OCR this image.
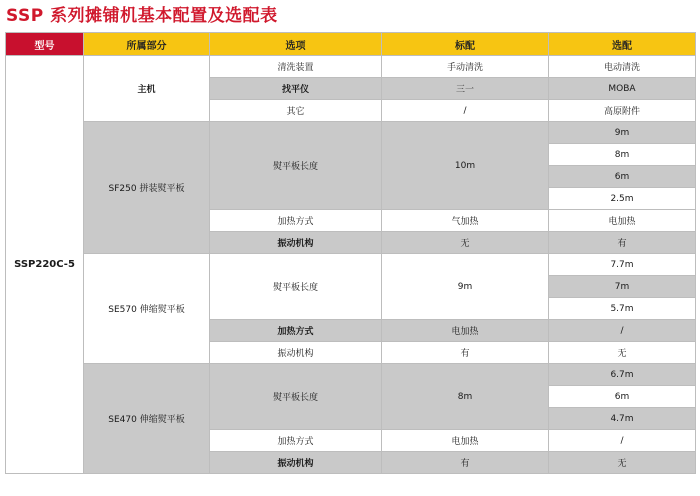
SSP 系列摊铺机基本配置及选配表
型号	所属部分	选项	标配	选配
SSP220C-5	主机	清洗装置	手动清洗	电动清洗
		找平仪	三一	MOBA
		其它	/	高原附件
	SF250 拼装熨平板	熨平板长度	10m	9m
				8m
				6m
				2.5m
		加热方式	气加热	电加热
		振动机构	无	有
	SE570 伸缩熨平板	熨平板长度	9m	7.7m
				7m
				5.7m
		加热方式	电加热	/
		振动机构	有	无
	SE470 伸缩熨平板	熨平板长度	8m	6.7m
				6m
				4.7m
		加热方式	电加热	/
		振动机构	有	无
